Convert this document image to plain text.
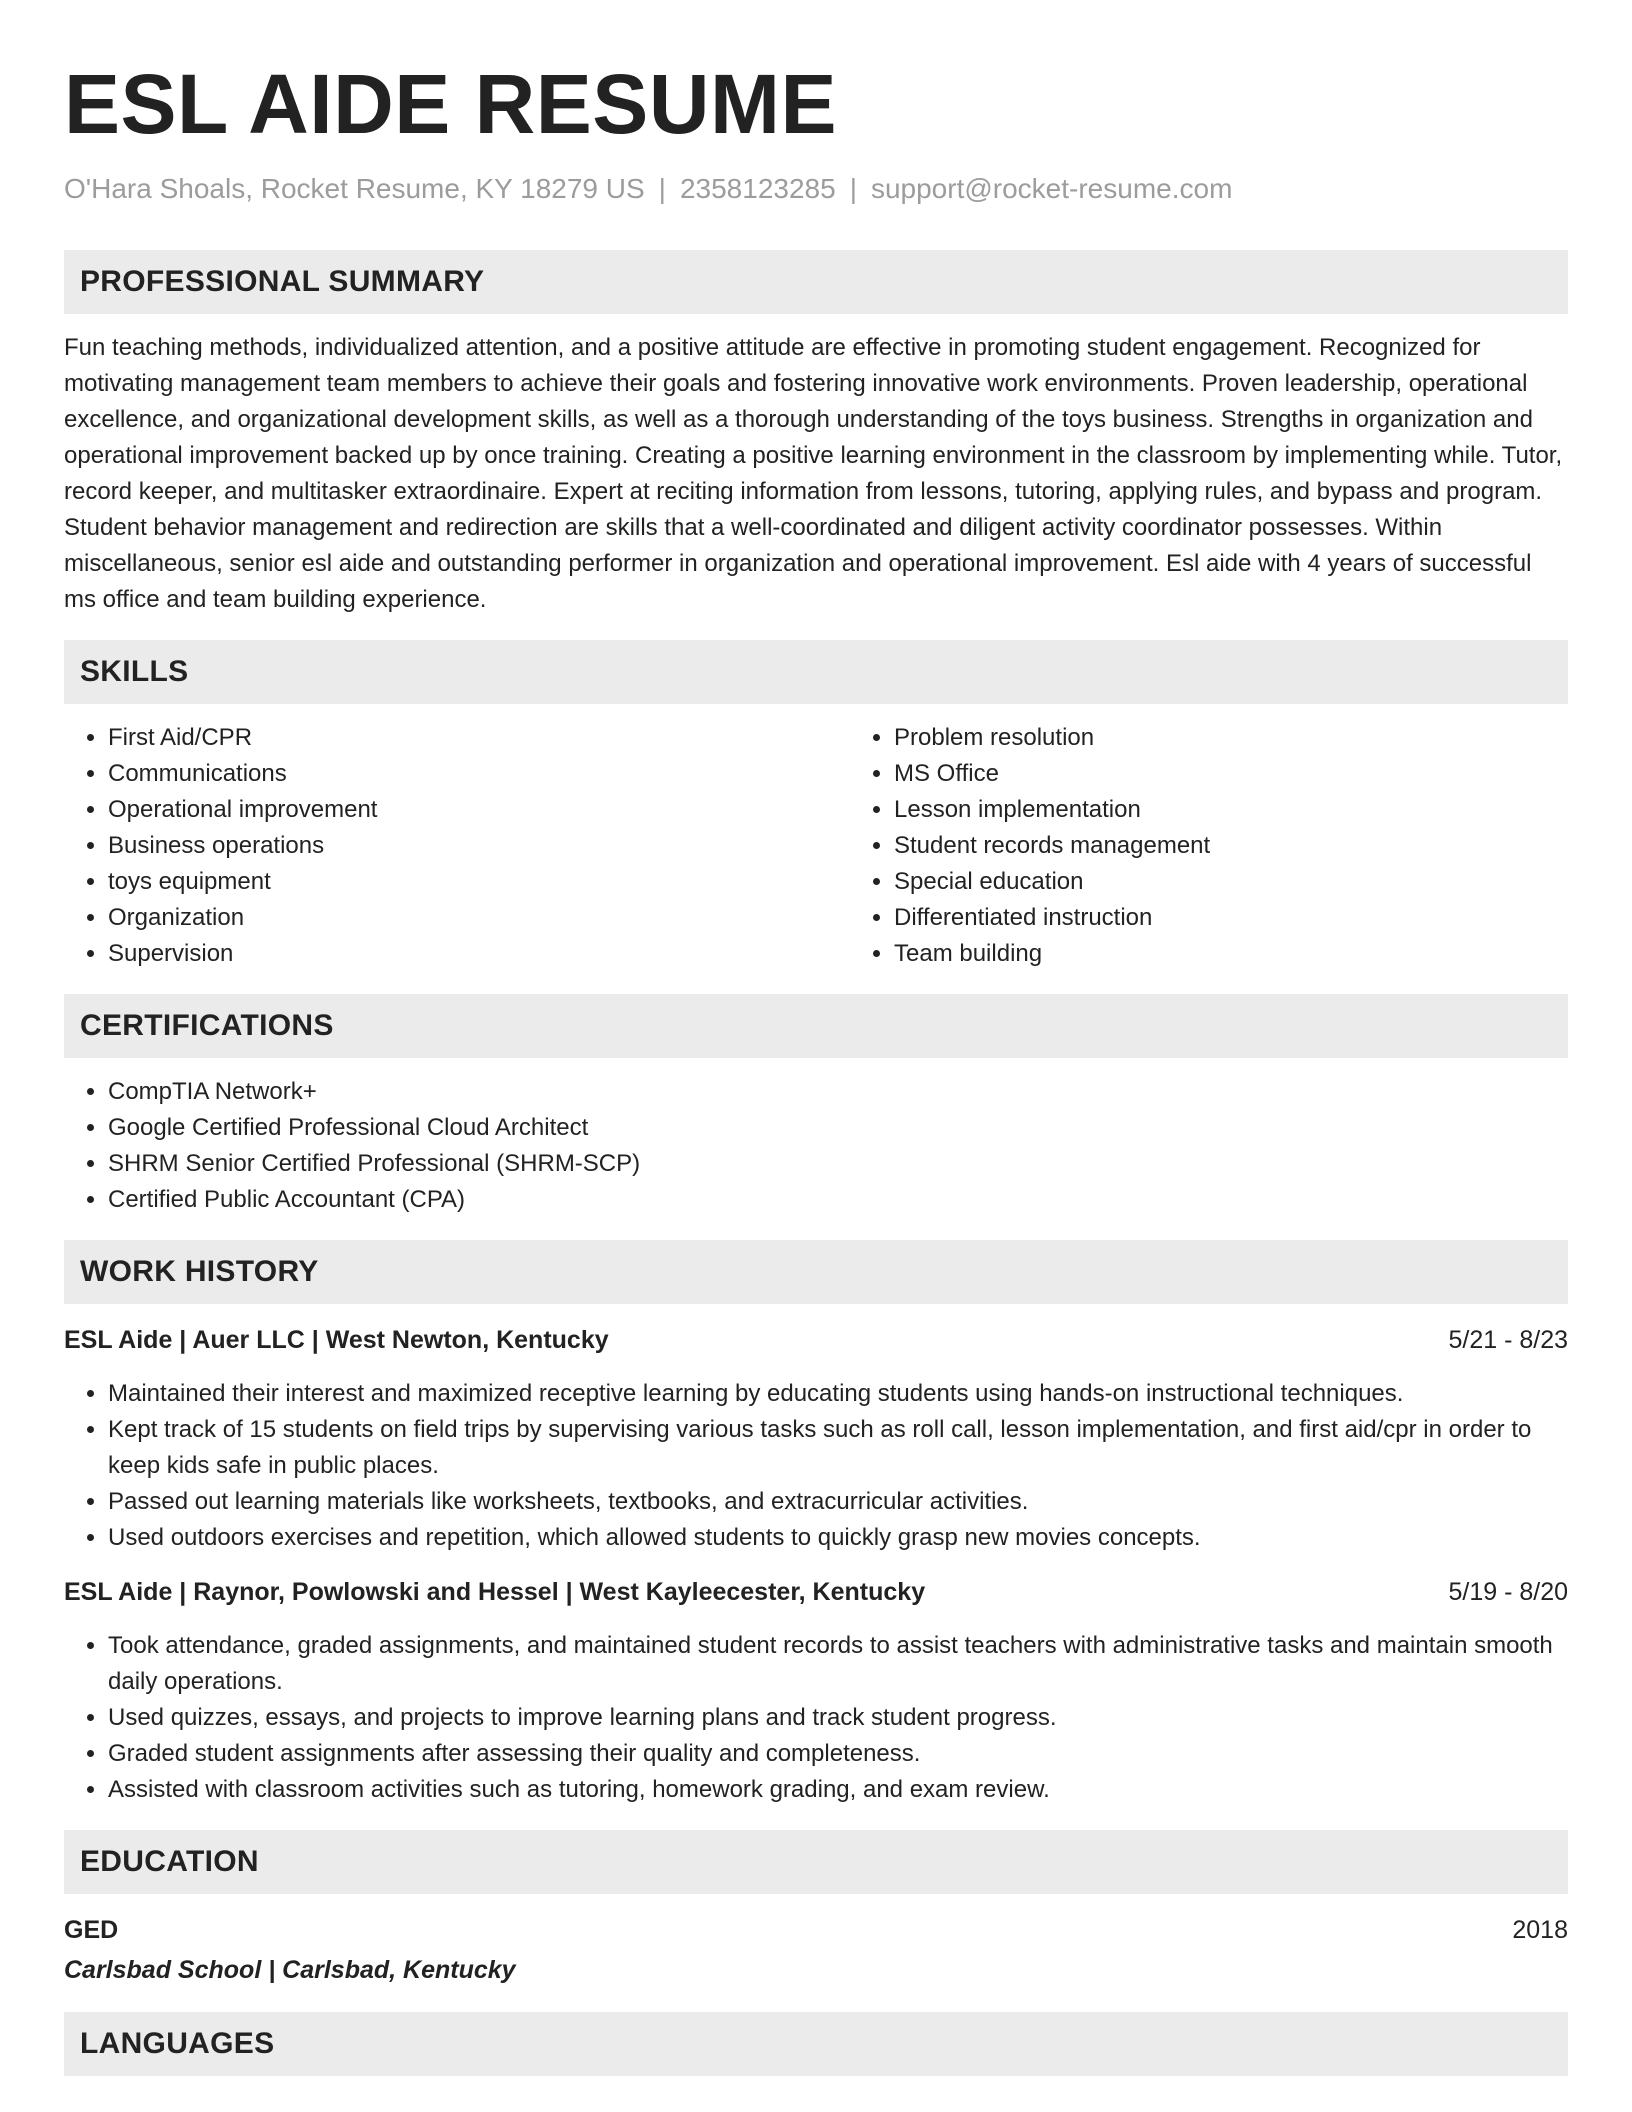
ESL AIDE RESUME
O'Hara Shoals, Rocket Resume, KY 18279 US | 2358123285 | support@rocket-resume.com
PROFESSIONAL SUMMARY

Fun teaching methods, individualized attention, and a positive attitude are effective in promoting student engagement. Recognized for motivating management team members to achieve their goals and fostering innovative work environments. Proven leadership, operational excellence, and organizational development skills, as well as a thorough understanding of the toys business. Strengths in organization and operational improvement backed up by once training. Creating a positive learning environment in the classroom by implementing while. Tutor, record keeper, and multitasker extraordinaire. Expert at reciting information from lessons, tutoring, applying rules, and bypass and program. Student behavior management and redirection are skills that a well-coordinated and diligent activity coordinator possesses. Within miscellaneous, senior esl aide and outstanding performer in organization and operational improvement. Esl aide with 4 years of successful ms office and team building experience.

SKILLS
• First Aid/CPR
• Communications
• Operational improvement
• Business operations
• toys equipment
• Organization
• Supervision
• Problem resolution
• MS Office
• Lesson implementation
• Student records management
• Special education
• Differentiated instruction
• Team building
CERTIFICATIONS
• CompTIA Network+
• Google Certified Professional Cloud Architect
• SHRM Senior Certified Professional (SHRM-SCP)
• Certified Public Accountant (CPA)
WORK HISTORY
ESL Aide | Auer LLC | West Newton, Kentucky	5/21 - 8/23
• Maintained their interest and maximized receptive learning by educating students using hands-on instructional techniques.
• Kept track of 15 students on field trips by supervising various tasks such as roll call, lesson implementation, and first aid/cpr in order to keep kids safe in public places.
• Passed out learning materials like worksheets, textbooks, and extracurricular activities.
• Used outdoors exercises and repetition, which allowed students to quickly grasp new movies concepts.
ESL Aide | Raynor, Powlowski and Hessel | West Kayleecester, Kentucky	5/19 - 8/20
• Took attendance, graded assignments, and maintained student records to assist teachers with administrative tasks and maintain smooth daily operations.
• Used quizzes, essays, and projects to improve learning plans and track student progress.
• Graded student assignments after assessing their quality and completeness.
• Assisted with classroom activities such as tutoring, homework grading, and exam review.
EDUCATION
GED	2018
Carlsbad School | Carlsbad, Kentucky
LANGUAGES
